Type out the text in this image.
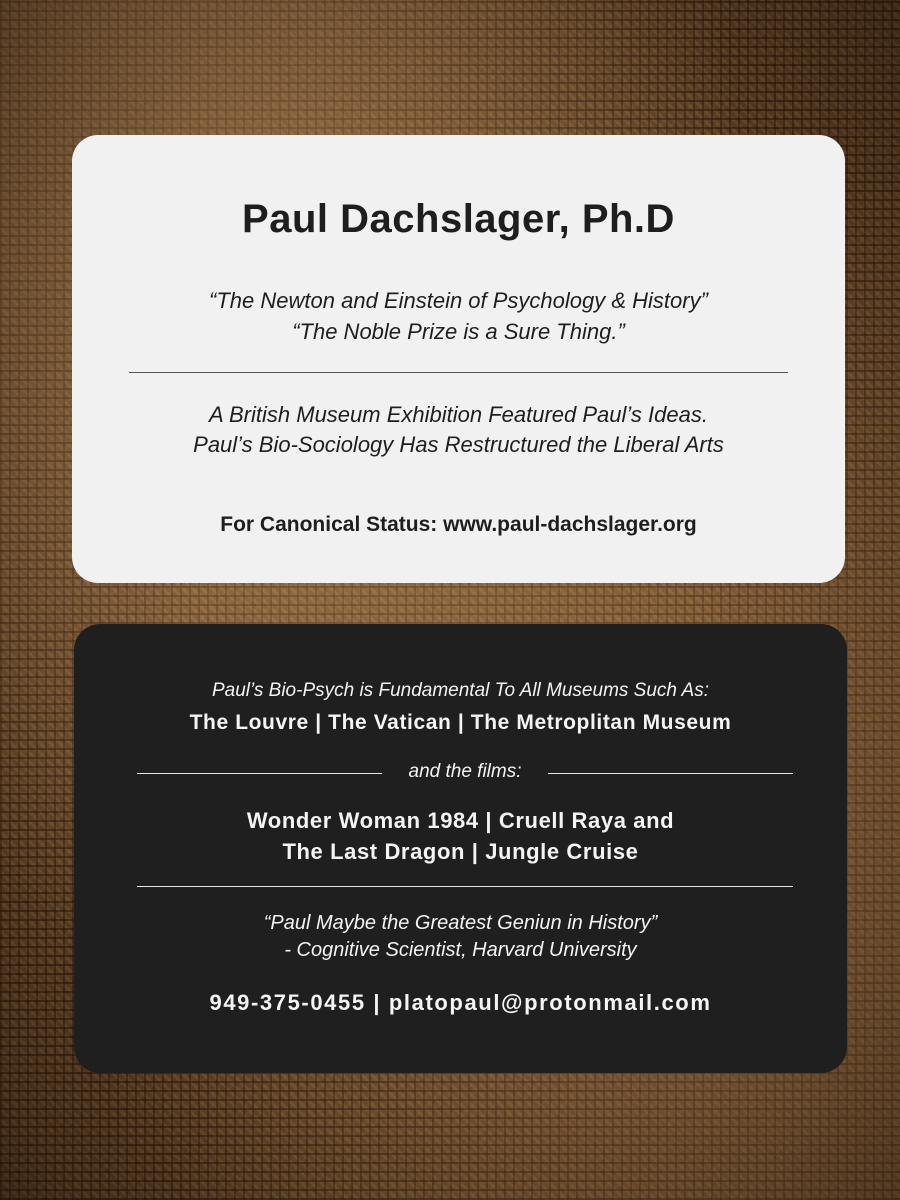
Paul Dachslager, Ph.D
“The Newton and Einstein of Psychology & History”
“The Noble Prize is a Sure Thing.”
A British Museum Exhibition Featured Paul’s Ideas.
Paul’s Bio-Sociology Has Restructured the Liberal Arts
For Canonical Status: www.paul-dachslager.org
Paul’s Bio-Psych is Fundamental To All Museums Such As:
The Louvre | The Vatican | The Metroplitan Museum
and the films:
Wonder Woman 1984 | Cruell Raya and
The Last Dragon | Jungle Cruise
“Paul Maybe the Greatest Geniun in History”
- Cognitive Scientist, Harvard University
949-375-0455 | platopaul@protonmail.com
